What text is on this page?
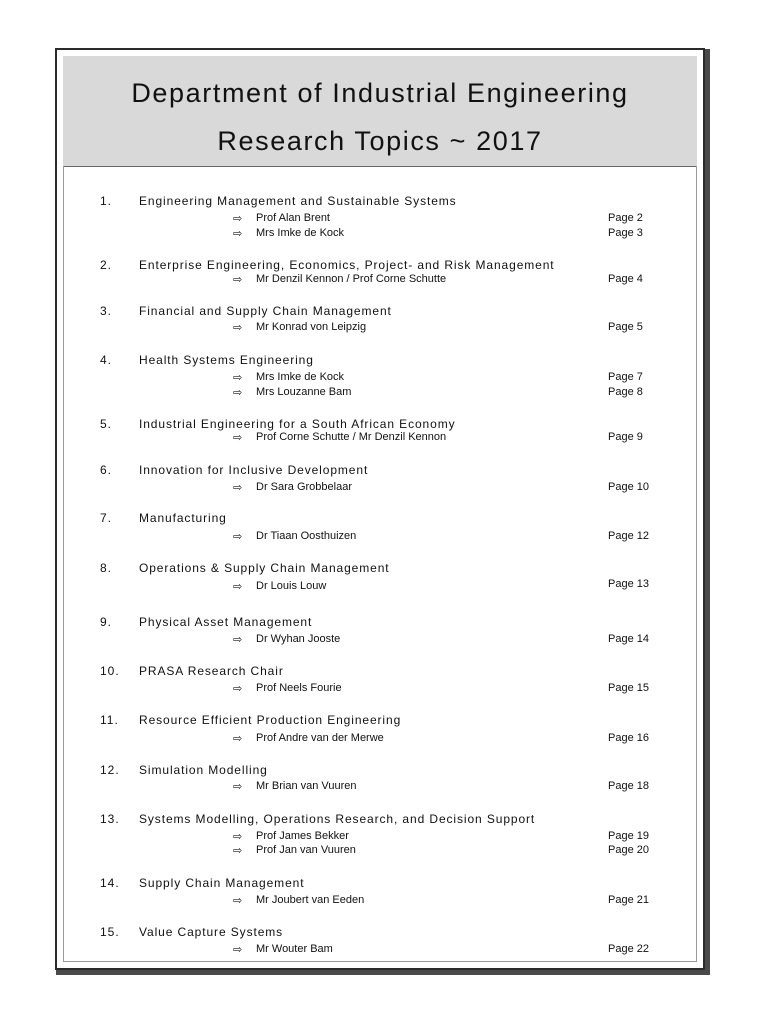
Department of Industrial Engineering
Research Topics ~ 2017
1. Engineering Management and Sustainable Systems
⇨ Prof Alan Brent	Page 2
⇨ Mrs Imke de Kock	Page 3
2. Enterprise Engineering, Economics, Project- and Risk Management
⇨ Mr Denzil Kennon / Prof Corne Schutte	Page 4
3. Financial and Supply Chain Management
⇨ Mr Konrad von Leipzig	Page 5
4. Health Systems Engineering
⇨ Mrs Imke de Kock	Page 7
⇨ Mrs Louzanne Bam	Page 8
5. Industrial Engineering for a South African Economy
⇨ Prof Corne Schutte / Mr Denzil Kennon	Page 9
6. Innovation for Inclusive Development
⇨ Dr Sara Grobbelaar	Page 10
7. Manufacturing
⇨ Dr Tiaan Oosthuizen	Page 12
8. Operations & Supply Chain Management
⇨ Dr Louis Louw	Page 13
9. Physical Asset Management
⇨ Dr Wyhan Jooste	Page 14
10. PRASA Research Chair
⇨ Prof Neels Fourie	Page 15
11. Resource Efficient Production Engineering
⇨ Prof Andre van der Merwe	Page 16
12. Simulation Modelling
⇨ Mr Brian van Vuuren	Page 18
13. Systems Modelling, Operations Research, and Decision Support
⇨ Prof James Bekker	Page 19
⇨ Prof Jan van Vuuren	Page 20
14. Supply Chain Management
⇨ Mr Joubert van Eeden	Page 21
15. Value Capture Systems
⇨ Mr Wouter Bam	Page 22
